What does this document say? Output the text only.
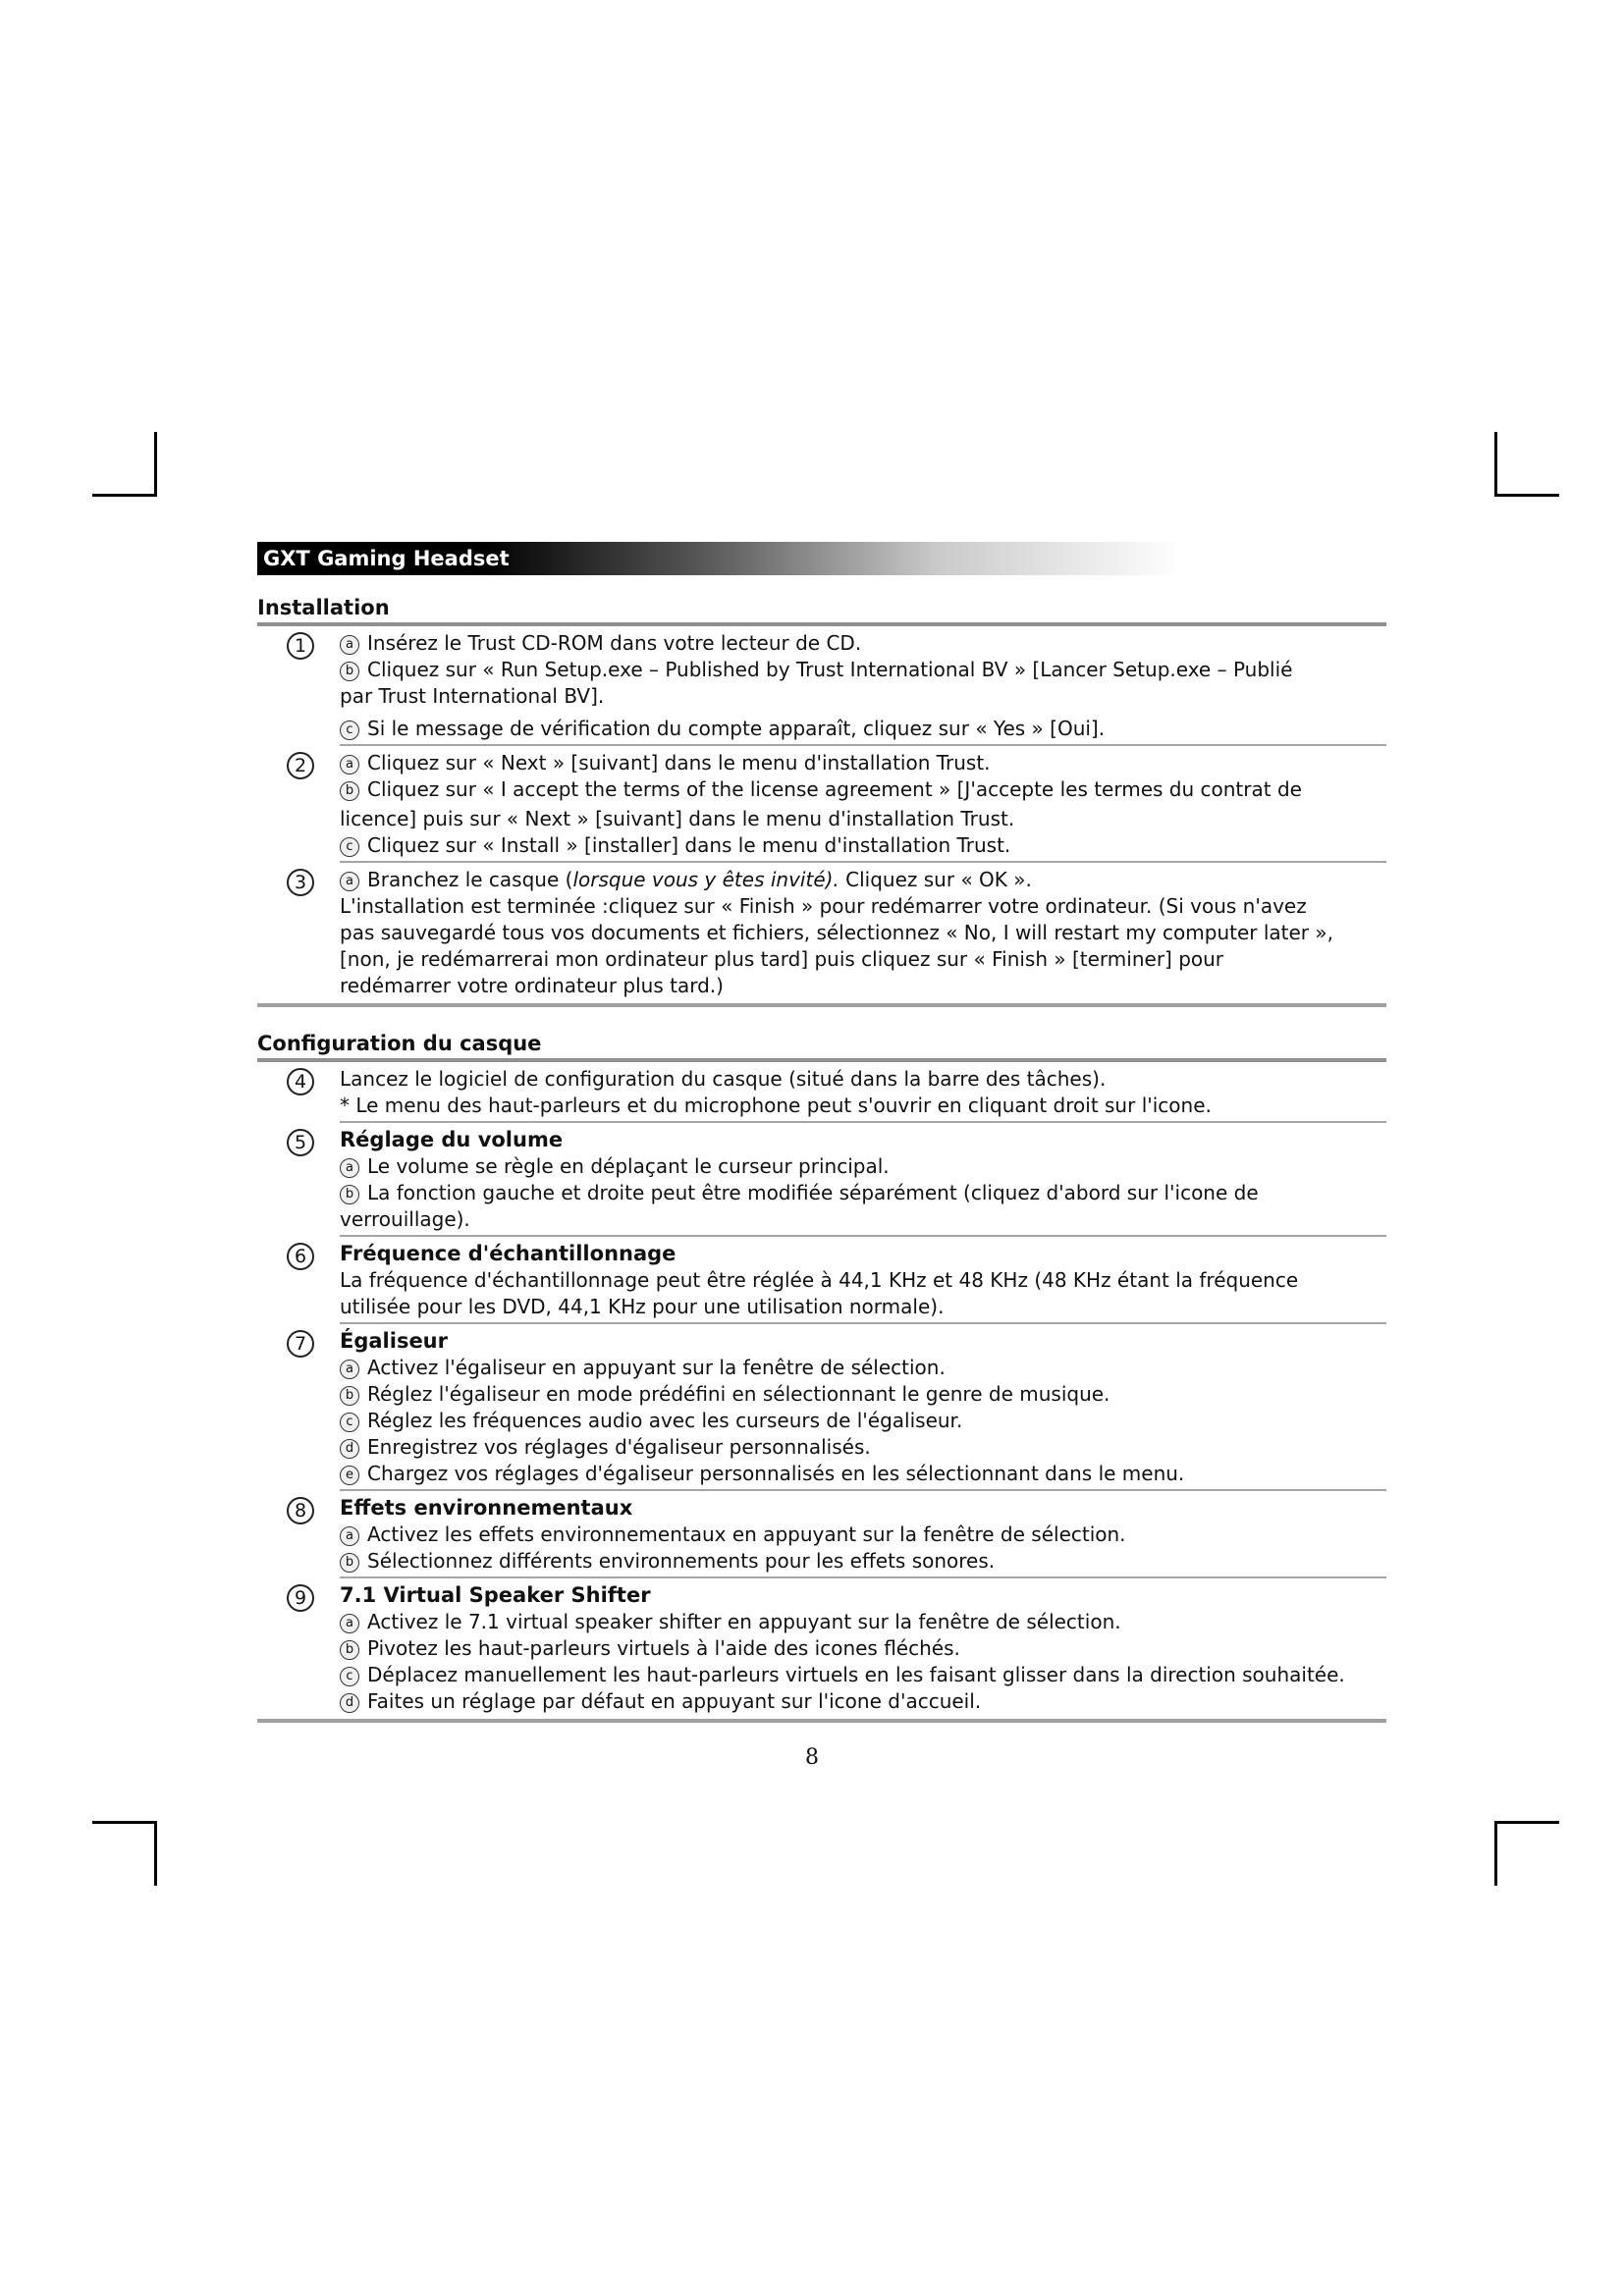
GXT Gaming Headset
Installation
1	a Insérez le Trust CD-ROM dans votre lecteur de CD.
b Cliquez sur « Run Setup.exe – Published by Trust International BV » [Lancer Setup.exe – Publié
par Trust International BV].
c Si le message de vérification du compte apparaît, cliquez sur « Yes » [Oui].
2	a Cliquez sur « Next » [suivant] dans le menu d'installation Trust.
b Cliquez sur « I accept the terms of the license agreement » [J'accepte les termes du contrat de
licence] puis sur « Next » [suivant] dans le menu d'installation Trust.
c Cliquez sur « Install » [installer] dans le menu d'installation Trust.
3	a Branchez le casque (lorsque vous y êtes invité). Cliquez sur « OK ».
L'installation est terminée :cliquez sur « Finish » pour redémarrer votre ordinateur. (Si vous n'avez
pas sauvegardé tous vos documents et fichiers, sélectionnez « No, I will restart my computer later »,
[non, je redémarrerai mon ordinateur plus tard] puis cliquez sur « Finish » [terminer] pour
redémarrer votre ordinateur plus tard.)
Configuration du casque
4	Lancez le logiciel de configuration du casque (situé dans la barre des tâches).
* Le menu des haut-parleurs et du microphone peut s'ouvrir en cliquant droit sur l'icone.
5	Réglage du volume
a Le volume se règle en déplaçant le curseur principal.
b La fonction gauche et droite peut être modifiée séparément (cliquez d'abord sur l'icone de
verrouillage).
6	Fréquence d'échantillonnage
La fréquence d'échantillonnage peut être réglée à 44,1 KHz et 48 KHz (48 KHz étant la fréquence
utilisée pour les DVD, 44,1 KHz pour une utilisation normale).
7	Égaliseur
a Activez l'égaliseur en appuyant sur la fenêtre de sélection.
b Réglez l'égaliseur en mode prédéfini en sélectionnant le genre de musique.
c Réglez les fréquences audio avec les curseurs de l'égaliseur.
d Enregistrez vos réglages d'égaliseur personnalisés.
e Chargez vos réglages d'égaliseur personnalisés en les sélectionnant dans le menu.
8	Effets environnementaux
a Activez les effets environnementaux en appuyant sur la fenêtre de sélection.
b Sélectionnez différents environnements pour les effets sonores.
9	7.1 Virtual Speaker Shifter
a Activez le 7.1 virtual speaker shifter en appuyant sur la fenêtre de sélection.
b Pivotez les haut-parleurs virtuels à l'aide des icones fléchés.
c Déplacez manuellement les haut-parleurs virtuels en les faisant glisser dans la direction souhaitée.
d Faites un réglage par défaut en appuyant sur l'icone d'accueil.
8
